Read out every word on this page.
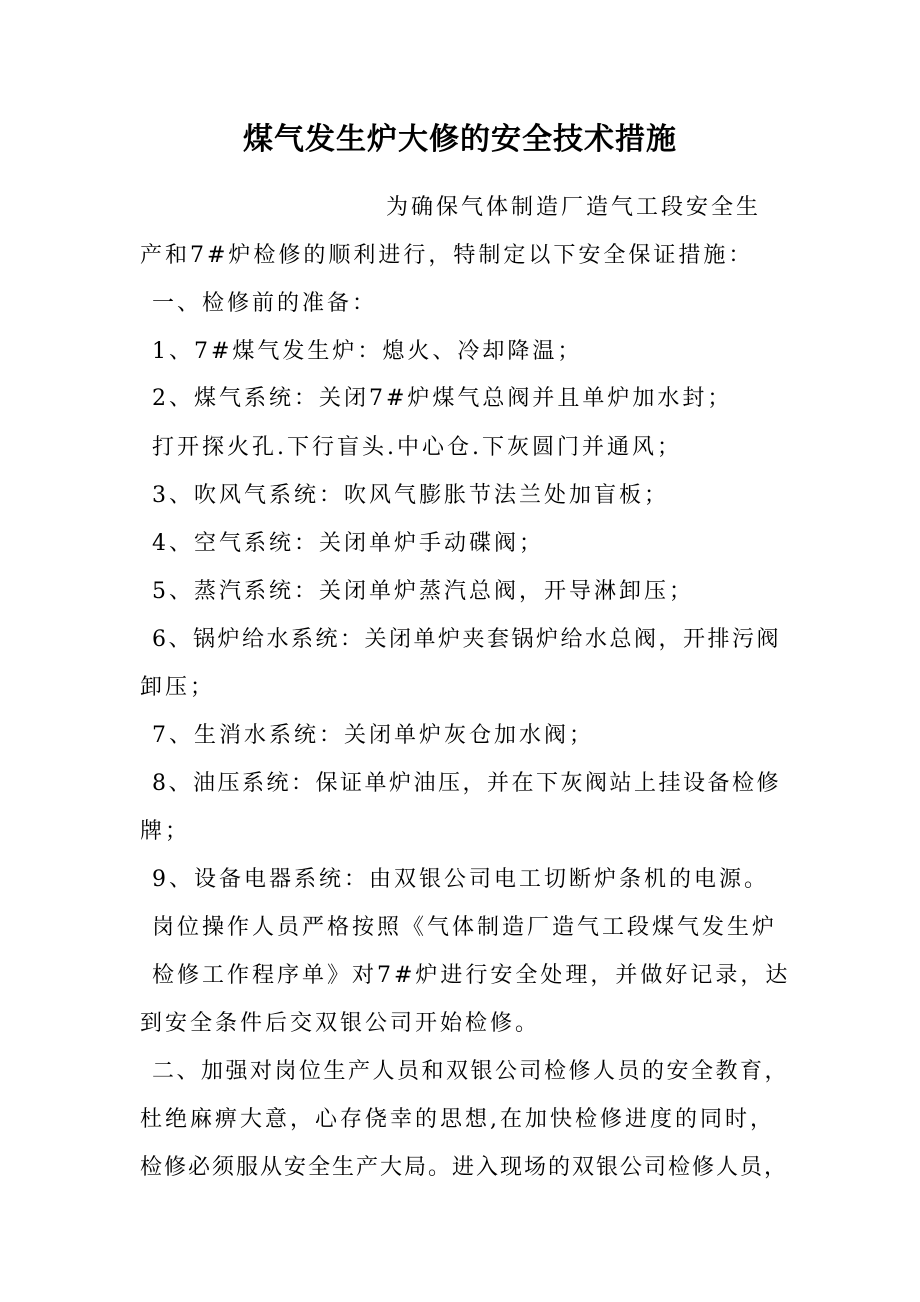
煤气发生炉大修的安全技术措施
为确保气体制造厂造气工段安全生
产和7#炉检修的顺利进行，特制定以下安全保证措施：
一、检修前的准备：
1、7#煤气发生炉：熄火、冷却降温；
2、煤气系统：关闭7#炉煤气总阀并且单炉加水封；
打开探火孔.下行盲头.中心仓.下灰圆门并通风；
3、吹风气系统：吹风气膨胀节法兰处加盲板；
4、空气系统：关闭单炉手动碟阀；
5、蒸汽系统：关闭单炉蒸汽总阀，开导淋卸压；
6、锅炉给水系统：关闭单炉夹套锅炉给水总阀，开排污阀
卸压；
7、生消水系统：关闭单炉灰仓加水阀；
8、油压系统：保证单炉油压，并在下灰阀站上挂设备检修
牌；
9、设备电器系统：由双银公司电工切断炉条机的电源。
岗位操作人员严格按照《气体制造厂造气工段煤气发生炉
检修工作程序单》对7#炉进行安全处理，并做好记录，达
到安全条件后交双银公司开始检修。
二、加强对岗位生产人员和双银公司检修人员的安全教育，
杜绝麻痹大意，心存侥幸的思想,在加快检修进度的同时，
检修必须服从安全生产大局。进入现场的双银公司检修人员，
